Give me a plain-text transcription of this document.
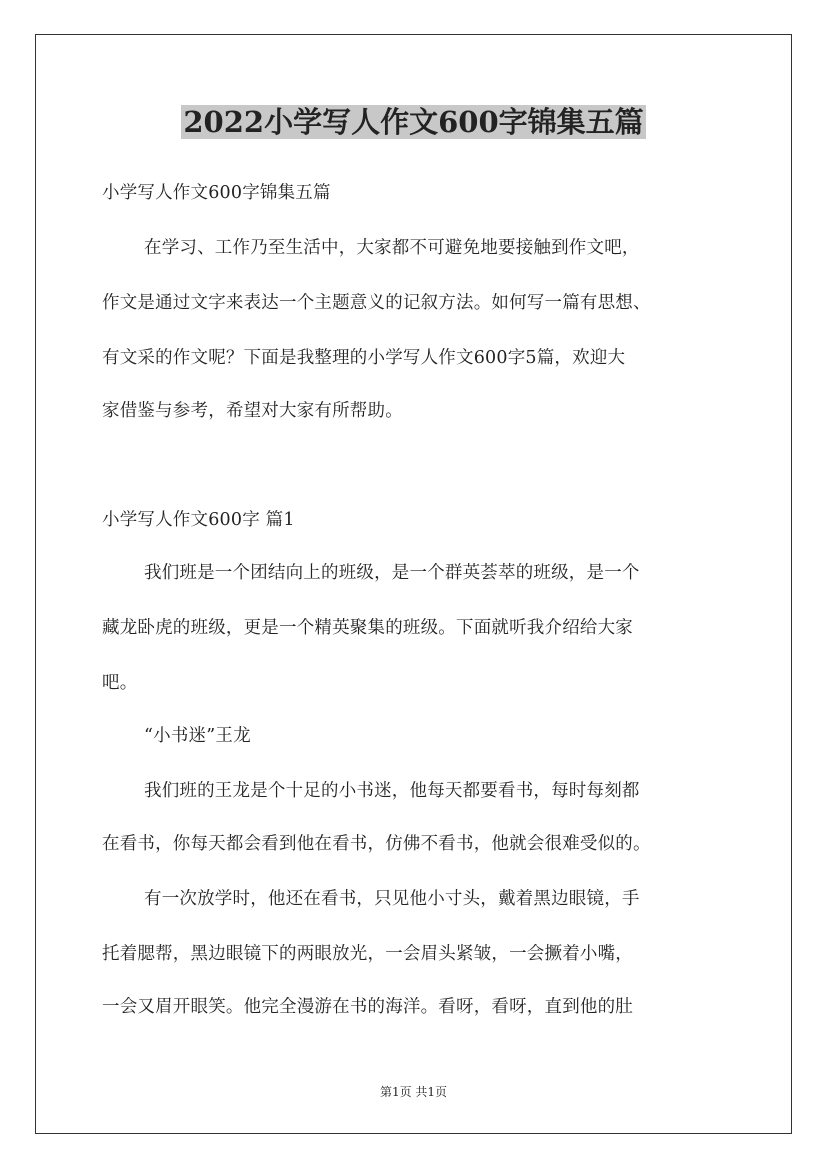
2022小学写人作文600字锦集五篇

小学写人作文600字锦集五篇

在学习、工作乃至生活中，大家都不可避免地要接触到作文吧，

作文是通过文字来表达一个主题意义的记叙方法。如何写一篇有思想、

有文采的作文呢？下面是我整理的小学写人作文600字5篇，欢迎大

家借鉴与参考，希望对大家有所帮助。

小学写人作文600字 篇1

我们班是一个团结向上的班级，是一个群英荟萃的班级，是一个

藏龙卧虎的班级，更是一个精英聚集的班级。下面就听我介绍给大家

吧。

“小书迷”王龙

我们班的王龙是个十足的小书迷，他每天都要看书，每时每刻都

在看书，你每天都会看到他在看书，仿佛不看书，他就会很难受似的。

有一次放学时，他还在看书，只见他小寸头，戴着黑边眼镜，手

托着腮帮，黑边眼镜下的两眼放光，一会眉头紧皱，一会撅着小嘴，

一会又眉开眼笑。他完全漫游在书的海洋。看呀，看呀，直到他的肚

第1页 共1页
